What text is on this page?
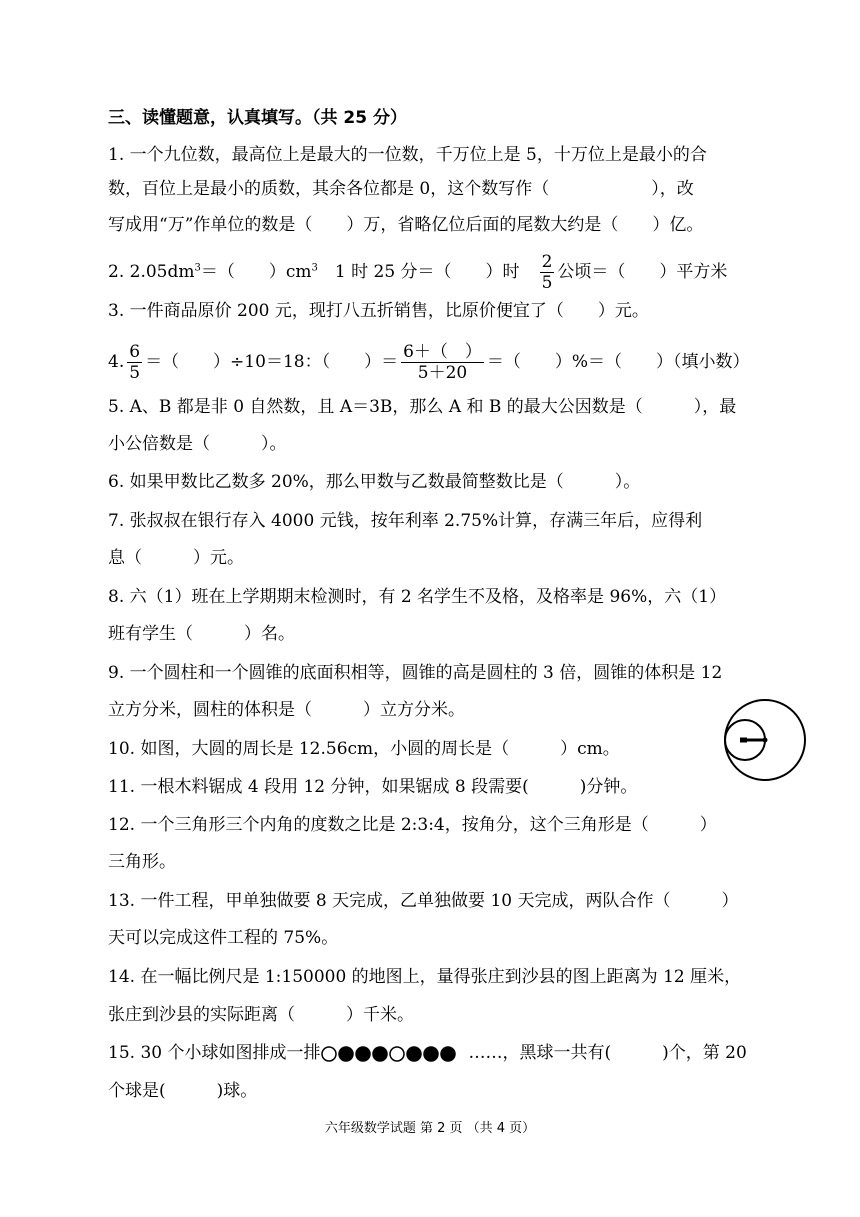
三、读懂题意，认真填写。（共 25 分）
1. 一个九位数，最高位上是最大的一位数，千万位上是 5，十万位上是最小的合
数，百位上是最小的质数，其余各位都是 0，这个数写作（　　　　　　），改
写成用“万”作单位的数是（　　）万，省略亿位后面的尾数大约是（　　）亿。
2. $2.05dm^3=$（　　）$cm^3$　1 时 25 分＝（　　）时　 $\frac{2}{5}$ 公顷＝（　　）平方米
3. 一件商品原价 200 元，现打八五折销售，比原价便宜了（　　）元。
4. $\frac{6}{5}$ ＝（　　）÷10＝18：（　　）＝ $\frac{6+( )}{5+20}$ ＝（　　）%＝（　　）（填小数）
5. A、B 都是非 0 自然数，且 A＝3B，那么 A 和 B 的最大公因数是（　　　），最
小公倍数是（　　　）。
6. 如果甲数比乙数多 20%，那么甲数与乙数最简整数比是（　　　）。
7. 张叔叔在银行存入 4000 元钱，按年利率 2.75%计算，存满三年后，应得利
息（　　　）元。
8. 六（1）班在上学期期末检测时，有 2 名学生不及格，及格率是 96%，六（1）
班有学生（　　　）名。
9. 一个圆柱和一个圆锥的底面积相等，圆锥的高是圆柱的 3 倍，圆锥的体积是 12
立方分米，圆柱的体积是（　　　）立方分米。
10. 如图，大圆的周长是 12.56cm，小圆的周长是（　　　）cm。
11. 一根木料锯成 4 段用 12 分钟，如果锯成 8 段需要(　　　)分钟。
12. 一个三角形三个内角的度数之比是 2:3:4，按角分，这个三角形是（　　　）
三角形。
13. 一件工程，甲单独做要 8 天完成，乙单独做要 10 天完成，两队合作（　　　）
天可以完成这件工程的 75%。
14. 在一幅比例尺是 1:150000 的地图上，量得张庄到沙县的图上距离为 12 厘米，
张庄到沙县的实际距离（　　　）千米。
15. 30 个小球如图排成一排	……，黑球一共有(　　　)个，第 20
个球是(　　　)球。
六年级数学试题 第 2 页 （共 4 页）
